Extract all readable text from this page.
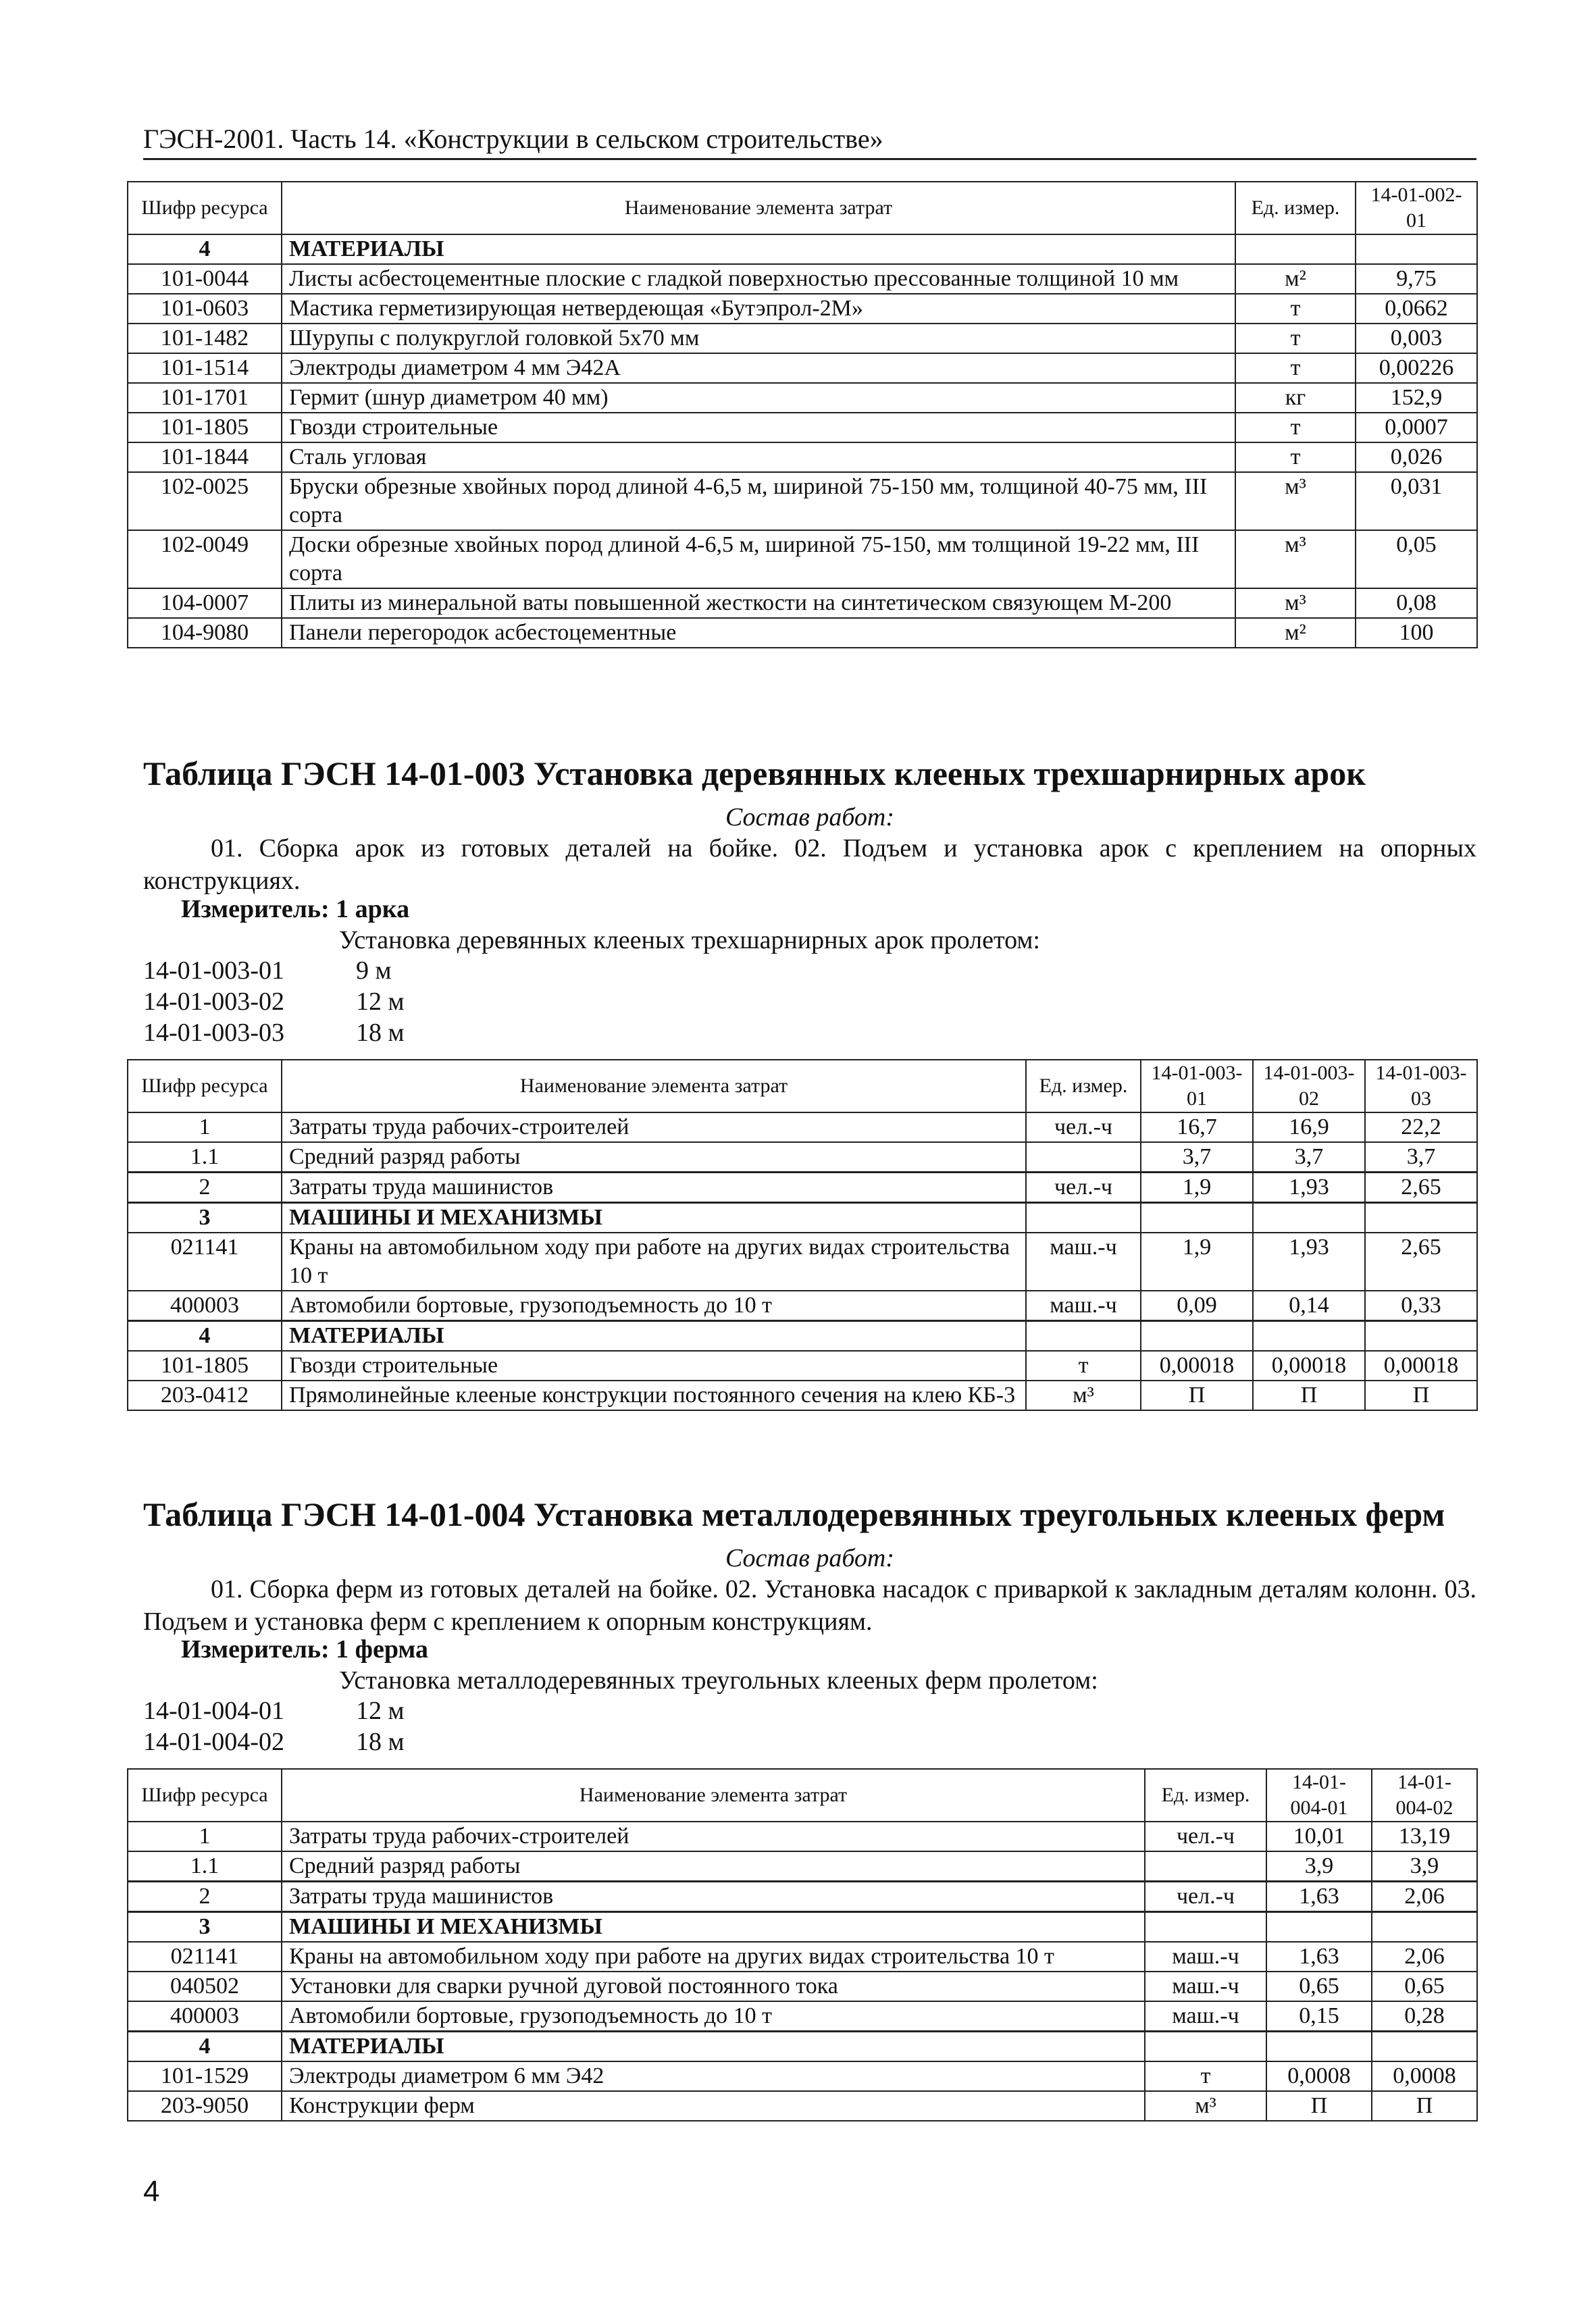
ГЭСН-2001. Часть 14. «Конструкции в сельском строительстве»
Шифр ресурса	Наименование элемента затрат	Ед. измер.	14-01-002-01
4	МАТЕРИАЛЫ		
101-0044	Листы асбестоцементные плоские с гладкой поверхностью прессованные толщиной 10 мм	м²	9,75
101-0603	Мастика герметизирующая нетвердеющая «Бутэпрол-2М»	т	0,0662
101-1482	Шурупы с полукруглой головкой 5х70 мм	т	0,003
101-1514	Электроды диаметром 4 мм Э42А	т	0,00226
101-1701	Гермит (шнур диаметром 40 мм)	кг	152,9
101-1805	Гвозди строительные	т	0,0007
101-1844	Сталь угловая	т	0,026
102-0025	Бруски обрезные хвойных пород длиной 4-6,5 м, шириной 75-150 мм, толщиной 40-75 мм, III сорта	м³	0,031
102-0049	Доски обрезные хвойных пород длиной 4-6,5 м, шириной 75-150, мм толщиной 19-22 мм, III сорта	м³	0,05
104-0007	Плиты из минеральной ваты повышенной жесткости на синтетическом связующем М-200	м³	0,08
104-9080	Панели перегородок асбестоцементные	м²	100
Таблица ГЭСН 14-01-003 Установка деревянных клееных трехшарнирных арок
Состав работ:
01. Сборка арок из готовых деталей на бойке. 02. Подъем и установка арок с креплением на опорных конструкциях.
Измеритель: 1 арка
Установка деревянных клееных трехшарнирных арок пролетом:
14-01-003-01	9 м
14-01-003-02	12 м
14-01-003-03	18 м
Шифр ресурса	Наименование элемента затрат	Ед. измер.	14-01-003-01	14-01-003-02	14-01-003-03
1	Затраты труда рабочих-строителей	чел.-ч	16,7	16,9	22,2
1.1	Средний разряд работы		3,7	3,7	3,7
2	Затраты труда машинистов	чел.-ч	1,9	1,93	2,65
3	МАШИНЫ И МЕХАНИЗМЫ				
021141	Краны на автомобильном ходу при работе на других видах строительства 10 т	маш.-ч	1,9	1,93	2,65
400003	Автомобили бортовые, грузоподъемность до 10 т	маш.-ч	0,09	0,14	0,33
4	МАТЕРИАЛЫ				
101-1805	Гвозди строительные	т	0,00018	0,00018	0,00018
203-0412	Прямолинейные клееные конструкции постоянного сечения на клею КБ-3	м³	П	П	П
Таблица ГЭСН 14-01-004 Установка металлодеревянных треугольных клееных ферм
Состав работ:
01. Сборка ферм из готовых деталей на бойке. 02. Установка насадок с приваркой к закладным деталям колонн. 03. Подъем и установка ферм с креплением к опорным конструкциям.
Измеритель: 1 ферма
Установка металлодеревянных треугольных клееных ферм пролетом:
14-01-004-01	12 м
14-01-004-02	18 м
Шифр ресурса	Наименование элемента затрат	Ед. измер.	14-01-004-01	14-01-004-02
1	Затраты труда рабочих-строителей	чел.-ч	10,01	13,19
1.1	Средний разряд работы		3,9	3,9
2	Затраты труда машинистов	чел.-ч	1,63	2,06
3	МАШИНЫ И МЕХАНИЗМЫ			
021141	Краны на автомобильном ходу при работе на других видах строительства 10 т	маш.-ч	1,63	2,06
040502	Установки для сварки ручной дуговой постоянного тока	маш.-ч	0,65	0,65
400003	Автомобили бортовые, грузоподъемность до 10 т	маш.-ч	0,15	0,28
4	МАТЕРИАЛЫ			
101-1529	Электроды диаметром 6 мм Э42	т	0,0008	0,0008
203-9050	Конструкции ферм	м³	П	П
4
